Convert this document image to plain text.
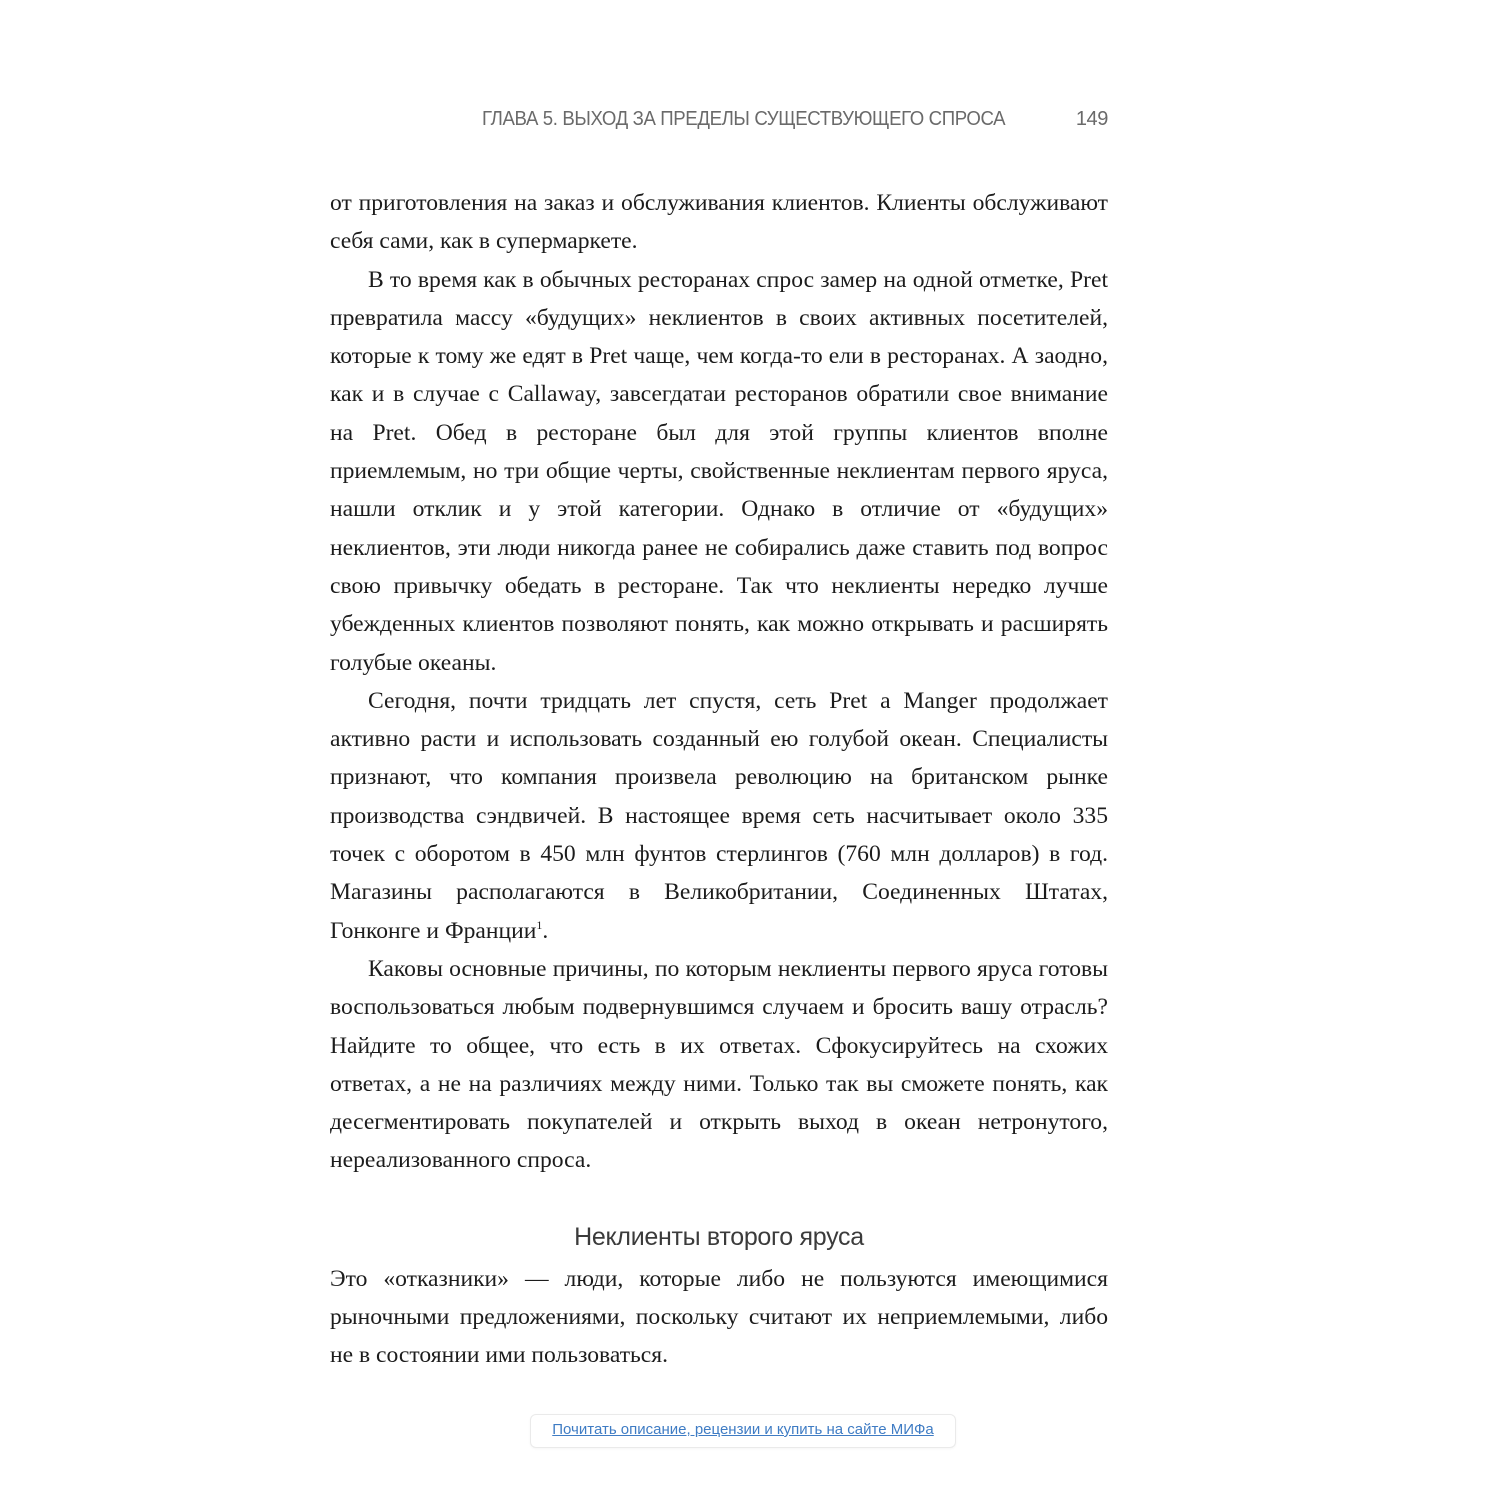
ГЛАВА 5. ВЫХОД ЗА ПРЕДЕЛЫ СУЩЕСТВУЮЩЕГО СПРОСА	149

от приготовления на заказ и обслуживания клиентов. Клиенты обслуживают себя сами, как в супермаркете.

В то время как в обычных ресторанах спрос замер на одной отметке, Pret превратила массу «будущих» неклиентов в своих активных посетителей, которые к тому же едят в Pret чаще, чем когда-то ели в ресторанах. А заодно, как и в случае с Callaway, завсегдатаи ресторанов обратили свое внимание на Pret. Обед в ресторане был для этой группы клиентов вполне приемлемым, но три общие черты, свойственные неклиентам первого яруса, нашли отклик и у этой категории. Однако в отличие от «будущих» неклиентов, эти люди никогда ранее не собирались даже ставить под вопрос свою привычку обедать в ресторане. Так что неклиенты нередко лучше убежденных клиентов позволяют понять, как можно открывать и расширять голубые океаны.

Сегодня, почти тридцать лет спустя, сеть Pret a Manger продолжает активно расти и использовать созданный ею голубой океан. Специалисты признают, что компания произвела революцию на британском рынке производства сэндвичей. В настоящее время сеть насчитывает около 335 точек с оборотом в 450 млн фунтов стерлингов (760 млн долларов) в год. Магазины располагаются в Великобритании, Соединенных Штатах, Гонконге и Франции$^1$.

Каковы основные причины, по которым неклиенты первого яруса готовы воспользоваться любым подвернувшимся случаем и бросить вашу отрасль? Найдите то общее, что есть в их ответах. Сфокусируйтесь на схожих ответах, а не на различиях между ними. Только так вы сможете понять, как десегментировать покупателей и открыть выход в океан нетронутого, нереализованного спроса.

Неклиенты второго яруса

Это «отказники» — люди, которые либо не пользуются имеющимися рыночными предложениями, поскольку считают их неприемлемыми, либо не в состоянии ими пользоваться.

Почитать описание, рецензии и купить на сайте МИФа
